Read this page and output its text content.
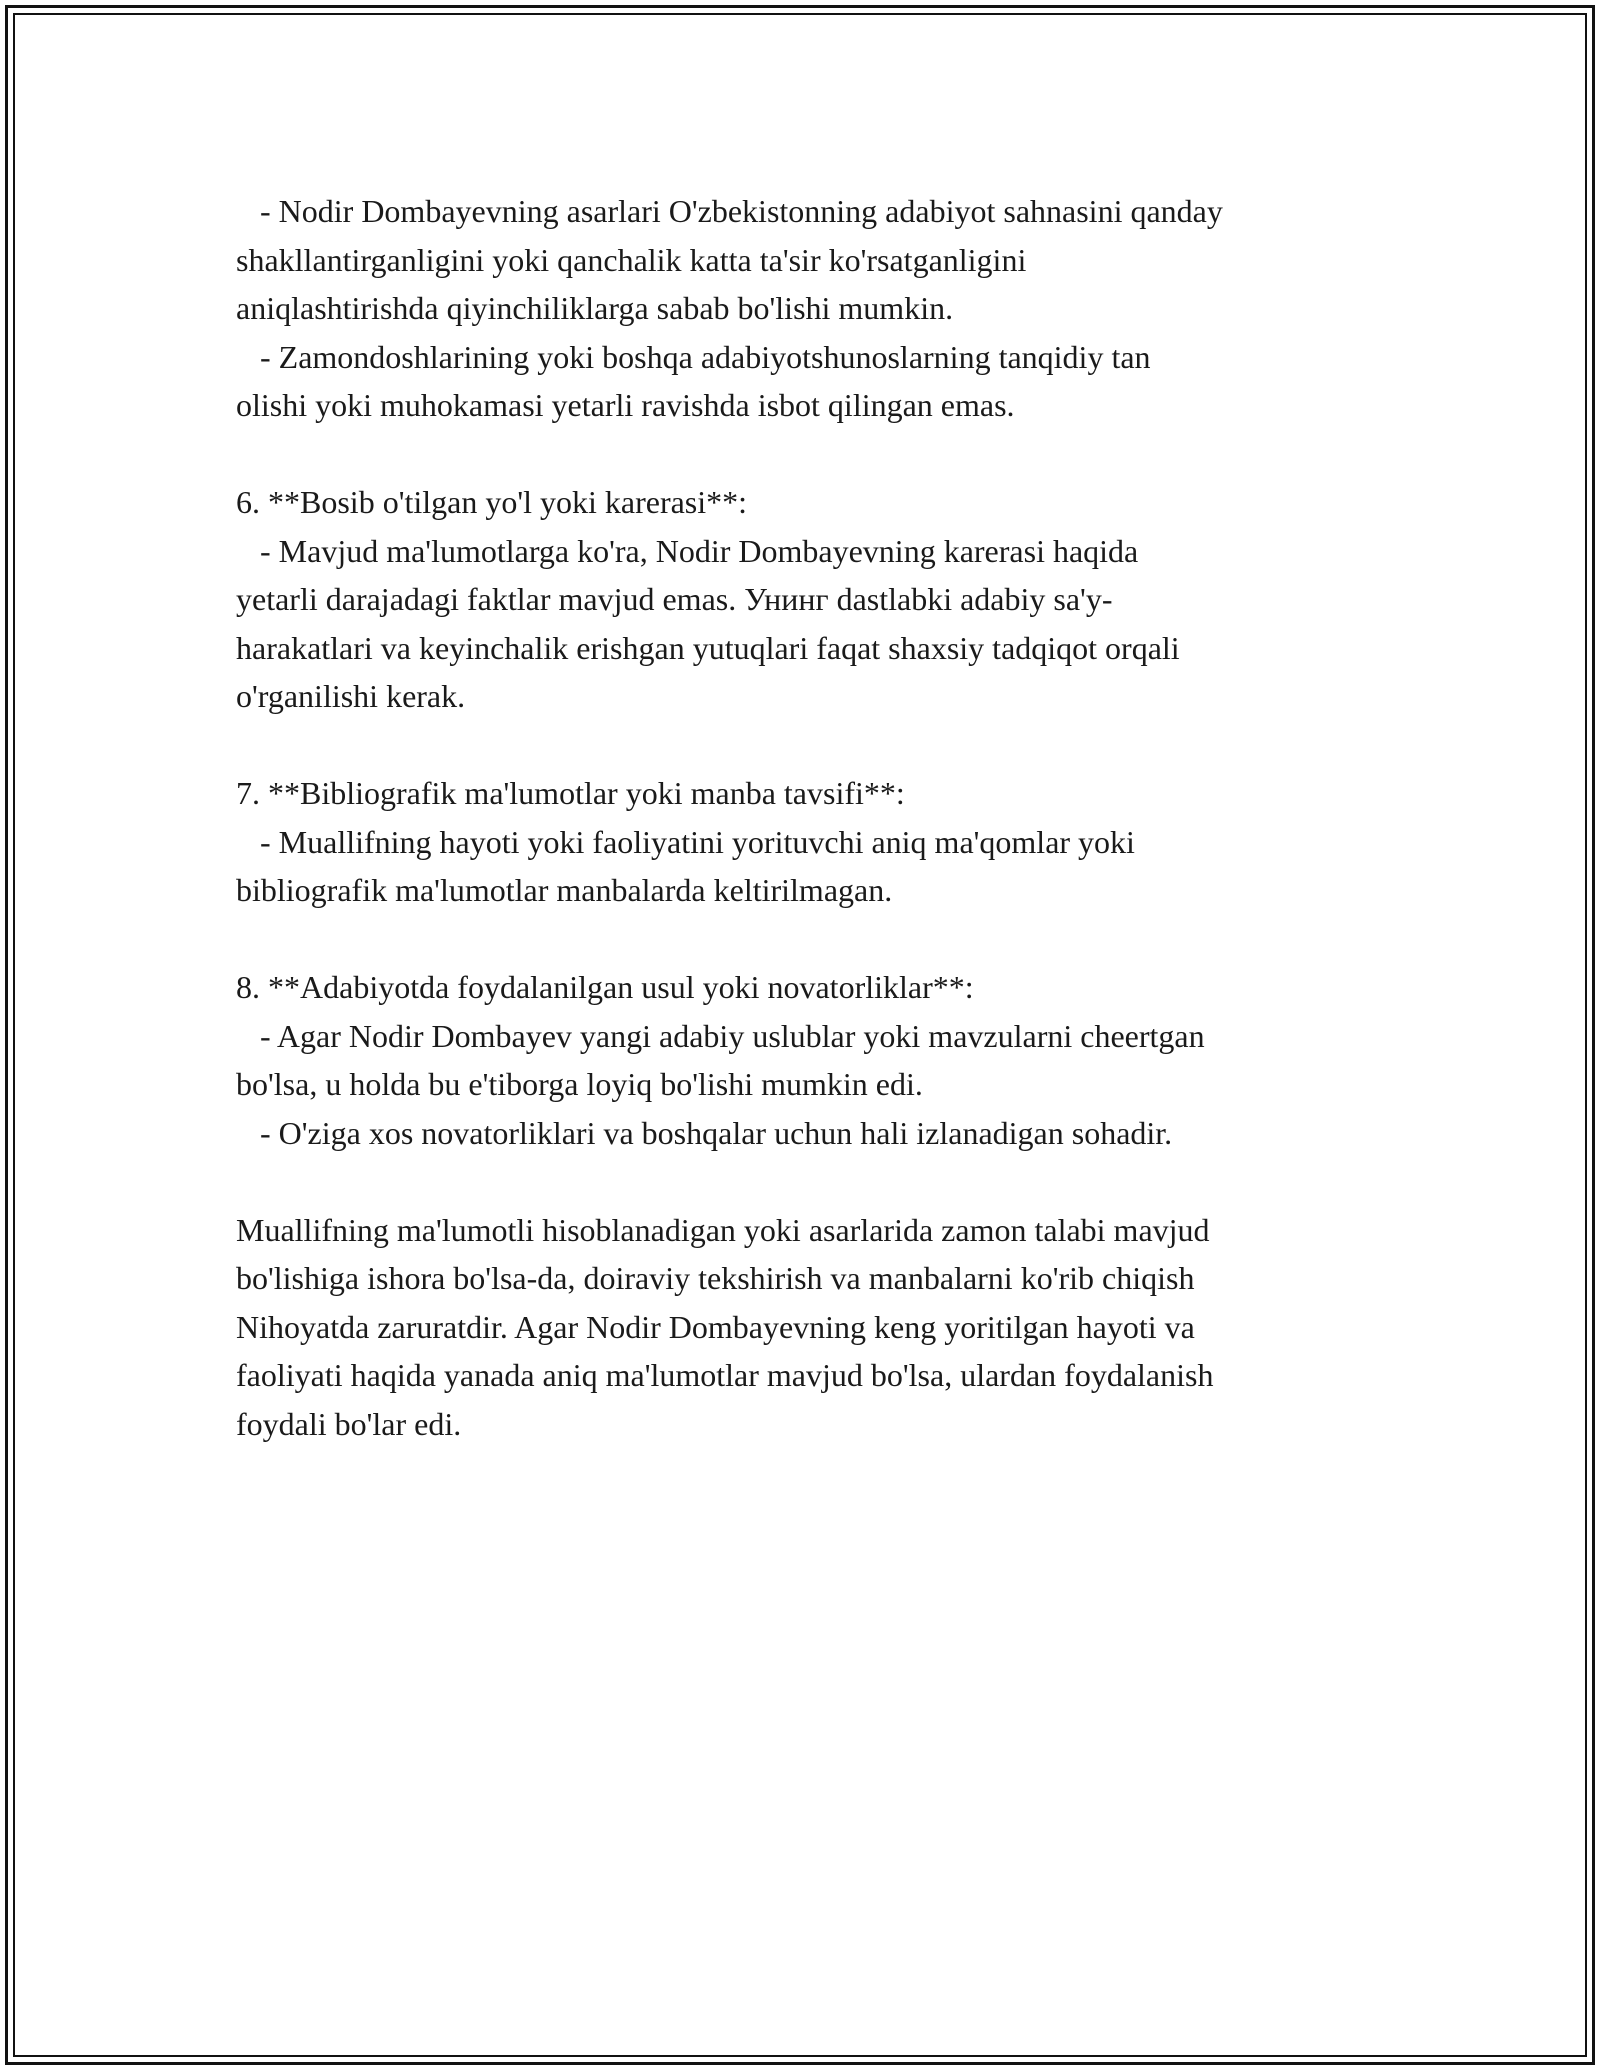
- Nodir Dombayevning asarlari O'zbekistonning adabiyot sahnasini qanday
shakllantirganligini yoki qanchalik katta ta'sir ko'rsatganligini
aniqlashtirishda qiyinchiliklarga sabab bo'lishi mumkin.
- Zamondoshlarining yoki boshqa adabiyotshunoslarning tanqidiy tan
olishi yoki muhokamasi yetarli ravishda isbot qilingan emas.
6. **Bosib o'tilgan yo'l yoki karerasi**:
- Mavjud ma'lumotlarga ko'ra, Nodir Dombayevning karerasi haqida
yetarli darajadagi faktlar mavjud emas. Унинг dastlabki adabiy sa'y-
harakatlari va keyinchalik erishgan yutuqlari faqat shaxsiy tadqiqot orqali
o'rganilishi kerak.
7. **Bibliografik ma'lumotlar yoki manba tavsifi**:
- Muallifning hayoti yoki faoliyatini yorituvchi aniq ma'qomlar yoki
bibliografik ma'lumotlar manbalarda keltirilmagan.
8. **Adabiyotda foydalanilgan usul yoki novatorliklar**:
- Agar Nodir Dombayev yangi adabiy uslublar yoki mavzularni cheertgan
bo'lsa, u holda bu e'tiborga loyiq bo'lishi mumkin edi.
- O'ziga xos novatorliklari va boshqalar uchun hali izlanadigan sohadir.
Muallifning ma'lumotli hisoblanadigan yoki asarlarida zamon talabi mavjud
bo'lishiga ishora bo'lsa-da, doiraviy tekshirish va manbalarni ko'rib chiqish
Nihoyatda zaruratdir. Agar Nodir Dombayevning keng yoritilgan hayoti va
faoliyati haqida yanada aniq ma'lumotlar mavjud bo'lsa, ulardan foydalanish
foydali bo'lar edi.
